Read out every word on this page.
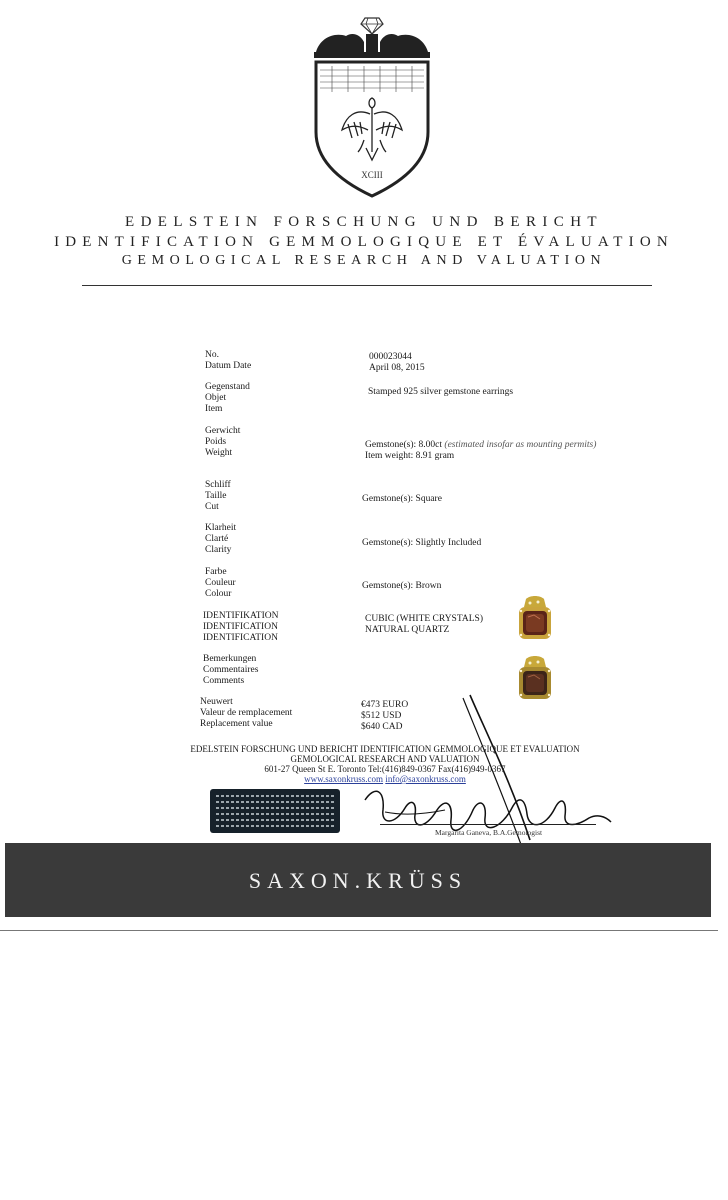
XCIII
EDELSTEIN FORSCHUNG UND BERICHT
IDENTIFICATION GEMMOLOGIQUE ET ÉVALUATION
GEMOLOGICAL RESEARCH AND VALUATION
No.
Datum Date
000023044
April 08, 2015
Gegenstand
Objet
Item
Stamped 925 silver gemstone earrings
Gerwicht
Poids
Weight
Gemstone(s): 8.00ct (estimated insofar as mounting permits)
Item weight: 8.91 gram
Schliff
Taille
Cut
Gemstone(s): Square
Klarheit
Clarté
Clarity
Gemstone(s): Slightly Included
Farbe
Couleur
Colour
Gemstone(s): Brown
IDENTIFIKATION
IDENTIFICATION
IDENTIFICATION
CUBIC (WHITE CRYSTALS)
NATURAL QUARTZ
Bemerkungen
Commentaires
Comments
Neuwert
Valeur de remplacement
Replacement value
€473 EURO
$512 USD
$640 CAD
EDELSTEIN FORSCHUNG UND BERICHT IDENTIFICATION GEMMOLOGIQUE ET EVALUATION
GEMOLOGICAL RESEARCH AND VALUATION
601-27 Queen St E. Toronto Tel:(416)849-0367 Fax(416)949-0367
www.saxonkruss.com info@saxonkruss.com
Margarita Ganeva, B.A.Gemologist
SAXON.KRÜSS
